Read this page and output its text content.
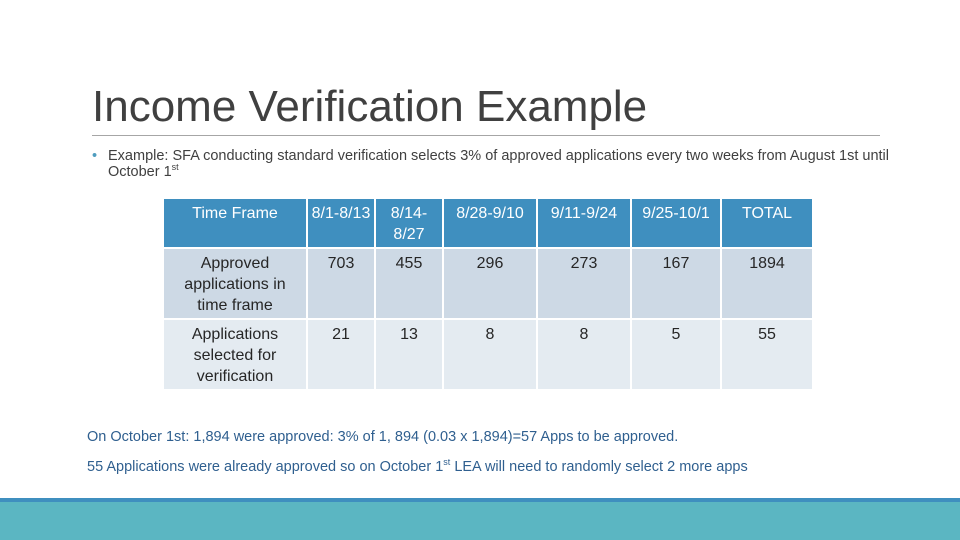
Income Verification Example
• Example: SFA conducting standard verification selects 3% of approved applications every two weeks from August 1st until October 1st
Time Frame	8/1-8/13	8/14-8/27	8/28-9/10	9/11-9/24	9/25-10/1	TOTAL
Approved applications in time frame	703	455	296	273	167	1894
Applications selected for verification	21	13	8	8	5	55
On October 1st: 1,894 were approved: 3% of 1, 894 (0.03 x 1,894)=57 Apps to be approved.
55 Applications were already approved so on October 1st LEA will need to randomly select 2 more apps
